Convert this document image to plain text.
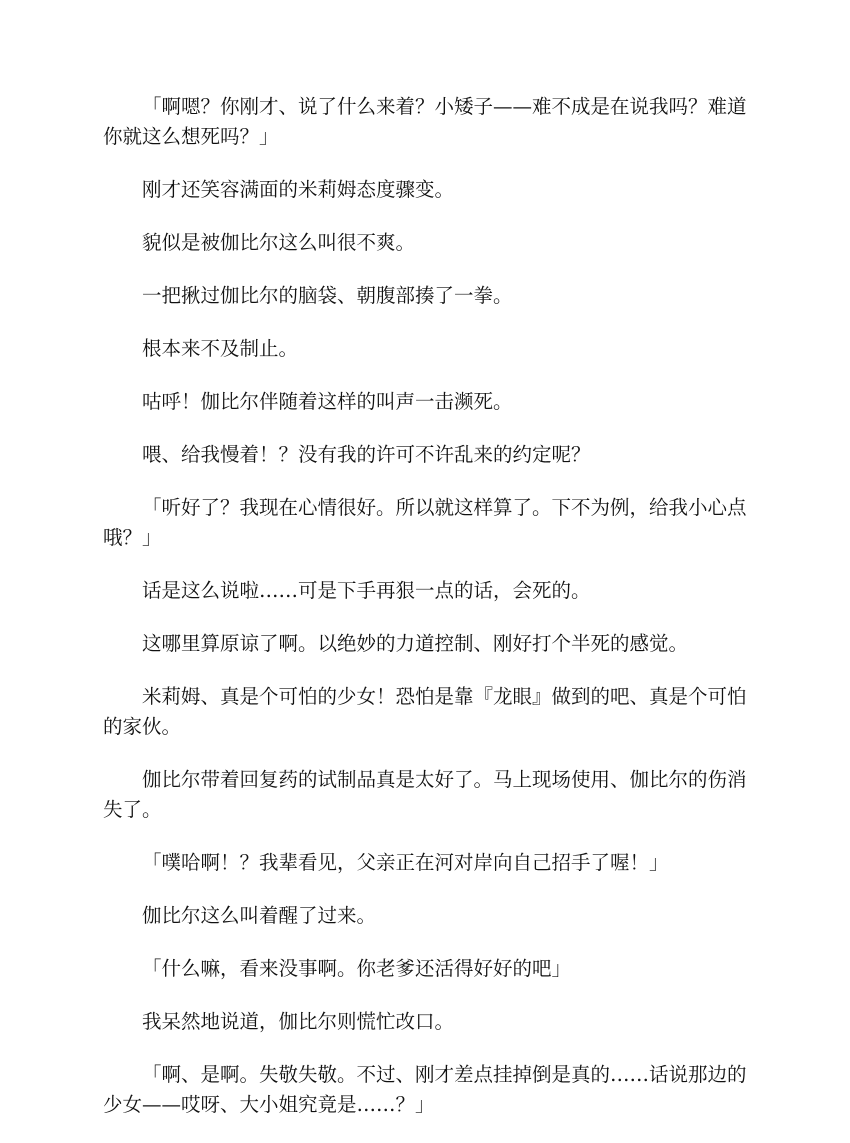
「啊嗯？你刚才、说了什么来着？小矮子——难不成是在说我吗？难道你就这么想死吗？」

刚才还笑容满面的米莉姆态度骤变。

貌似是被伽比尔这么叫很不爽。

一把揪过伽比尔的脑袋、朝腹部揍了一拳。

根本来不及制止。

咕呼！伽比尔伴随着这样的叫声一击濒死。

喂、给我慢着！？没有我的许可不许乱来的约定呢？

「听好了？我现在心情很好。所以就这样算了。下不为例，给我小心点哦？」

话是这么说啦……可是下手再狠一点的话，会死的。

这哪里算原谅了啊。以绝妙的力道控制、刚好打个半死的感觉。

米莉姆、真是个可怕的少女！恐怕是靠『龙眼』做到的吧、真是个可怕的家伙。

伽比尔带着回复药的试制品真是太好了。马上现场使用、伽比尔的伤消失了。

「噗哈啊！？我辈看见，父亲正在河对岸向自己招手了喔！」

伽比尔这么叫着醒了过来。

「什么嘛，看来没事啊。你老爹还活得好好的吧」

我呆然地说道，伽比尔则慌忙改口。

「啊、是啊。失敬失敬。不过、刚才差点挂掉倒是真的……话说那边的少女——哎呀、大小姐究竟是……？」
